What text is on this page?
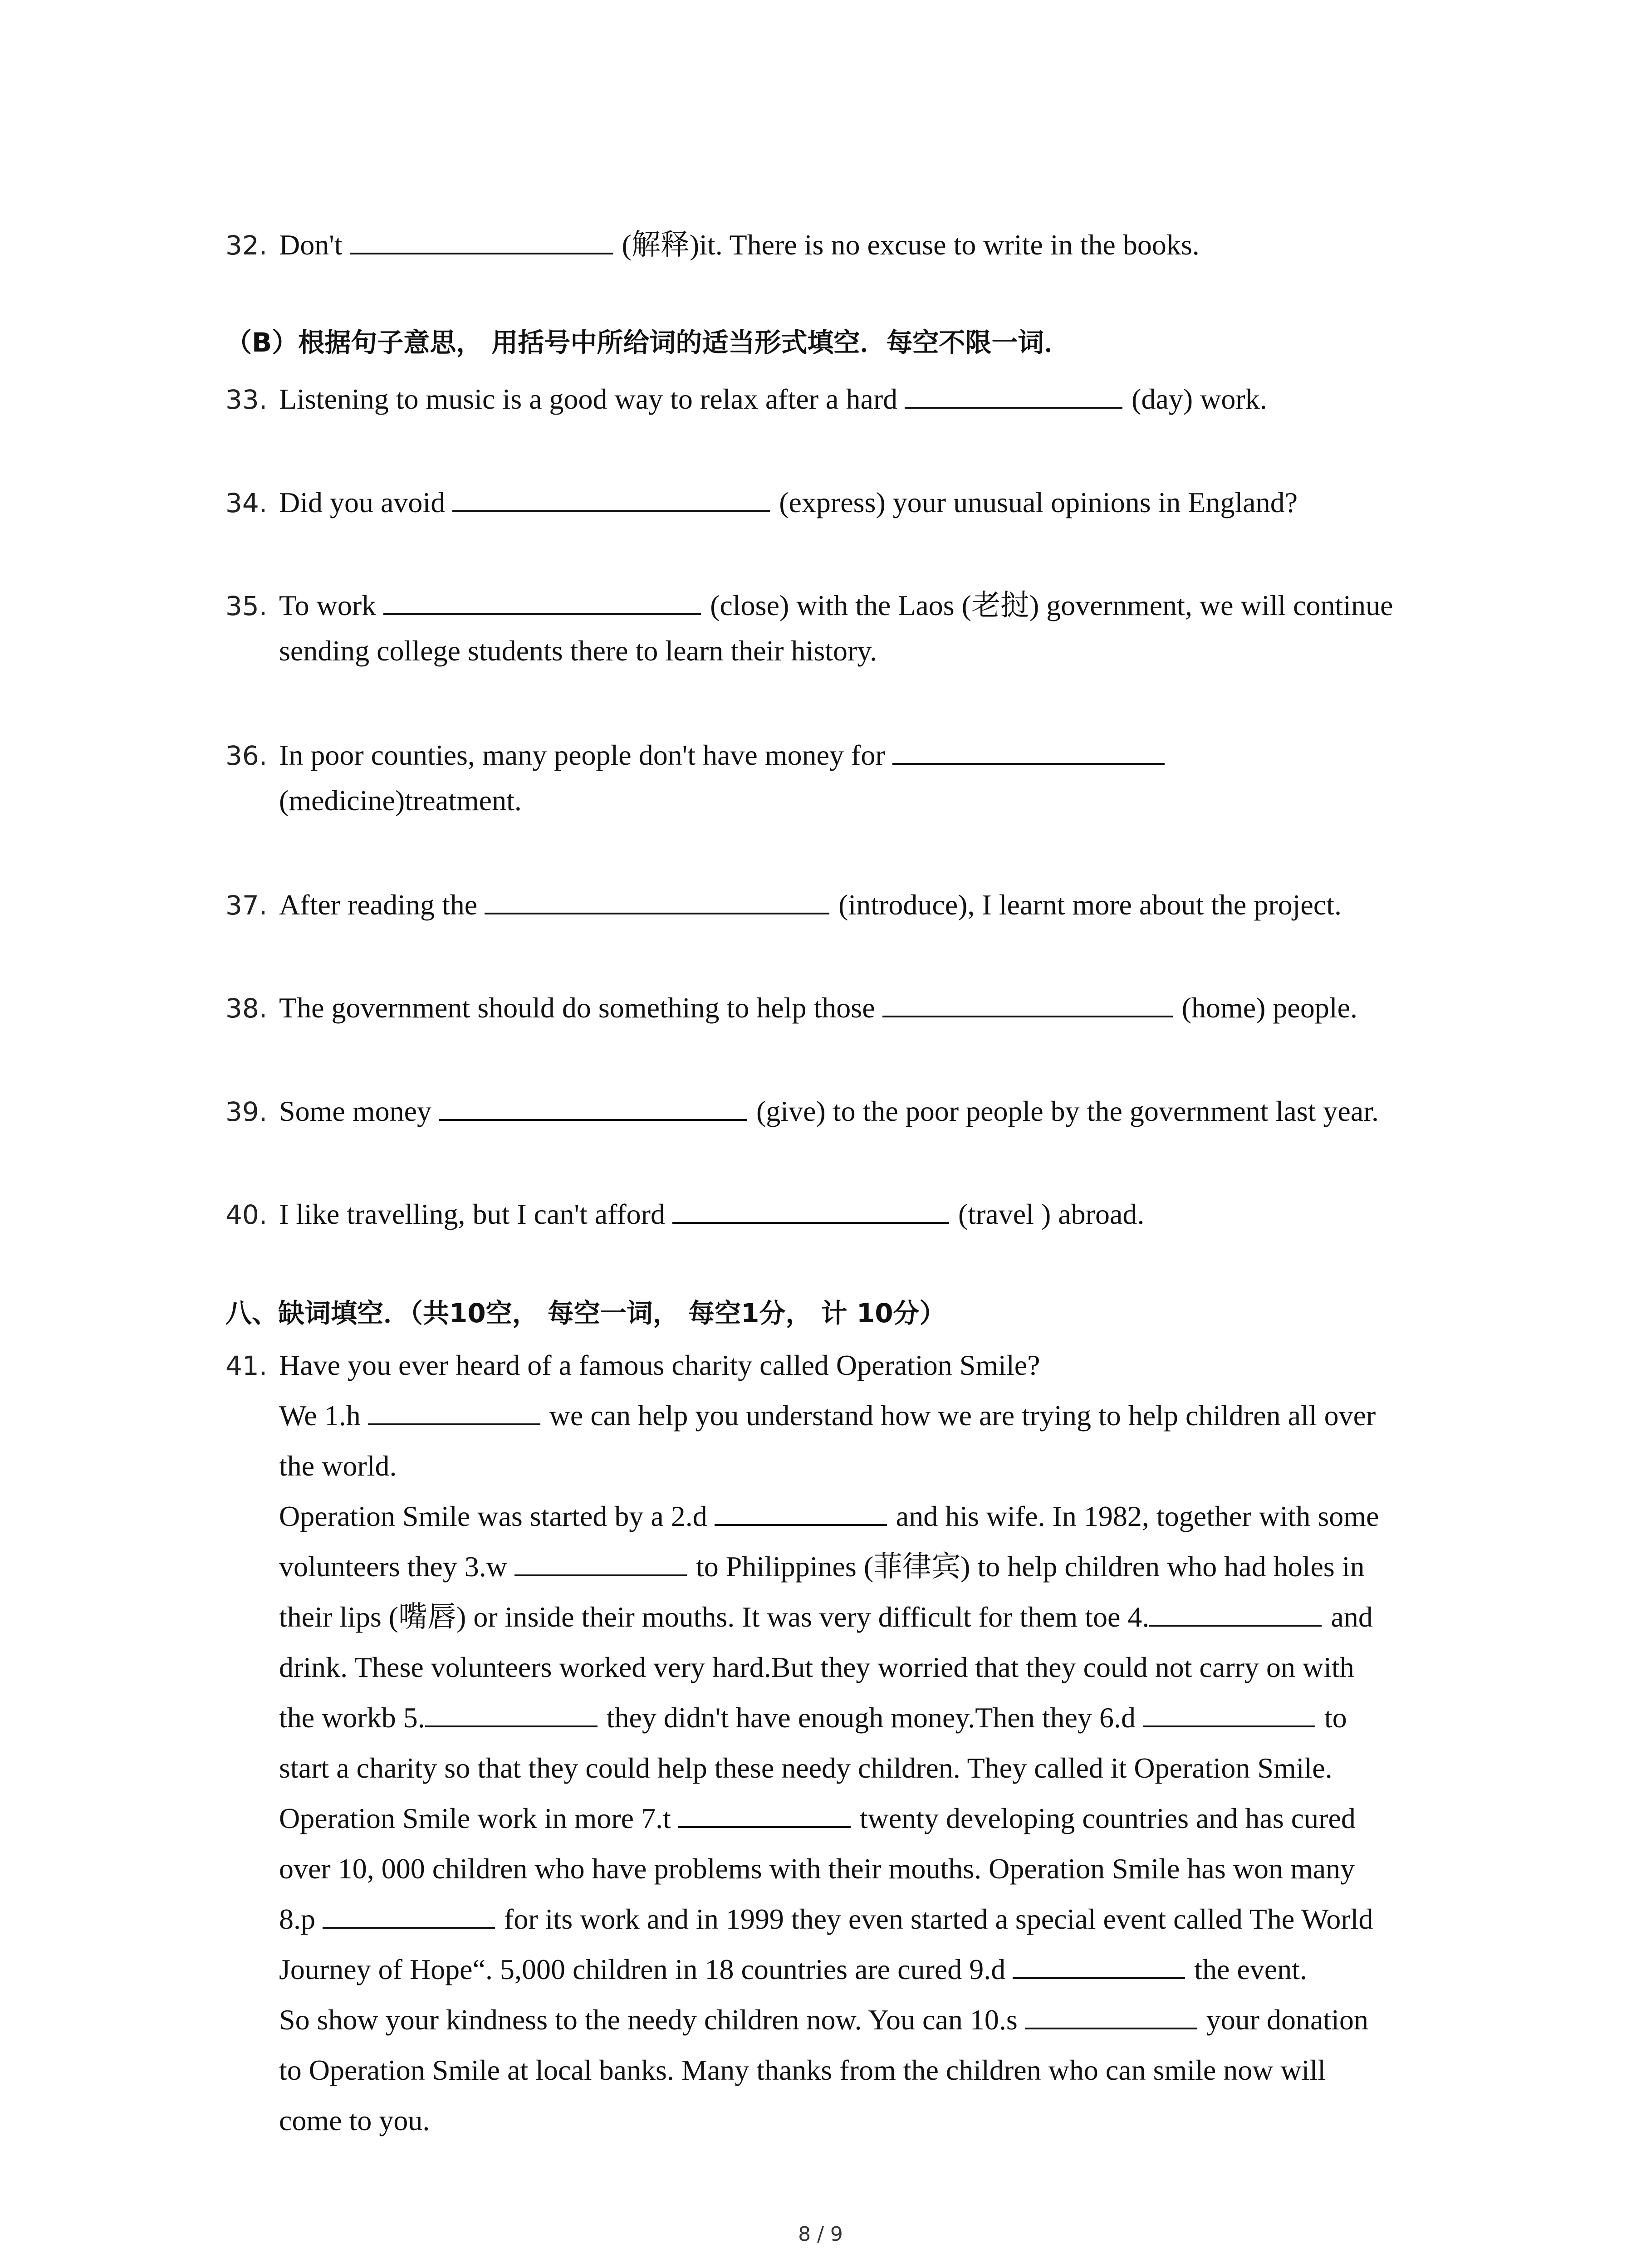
32. Don't	(解释)it. There is no excuse to write in the books.
（B）根据句子意思， 用括号中所给词的适当形式填空．每空不限一词．
33. Listening to music is a good way to relax after a hard	(day) work.
34. Did you avoid	(express) your unusual opinions in England?
35. To work	(close) with the Laos (老挝) government, we will continue
sending college students there to learn their history.
36. In poor counties, many people don't have money for
(medicine)treatment.
37. After reading the	(introduce), I learnt more about the project.
38. The government should do something to help those	(home) people.
39. Some money	(give) to the poor people by the government last year.
40. I like travelling, but I can't afford	(travel ) abroad.
八、缺词填空．（共10空， 每空一词， 每空1分， 计 10分）
41. Have you ever heard of a famous charity called Operation Smile?
We 1.h	we can help you understand how we are trying to help children all over
the world.
Operation Smile was started by a 2.d	and his wife. In 1982, together with some
volunteers they 3.w	to Philippines (菲律宾) to help children who had holes in
their lips (嘴唇) or inside their mouths. It was very difficult for them toe 4.	and
drink. These volunteers worked very hard.But they worried that they could not carry on with
the workb 5.	they didn't have enough money.Then they 6.d	to
start a charity so that they could help these needy children. They called it Operation Smile.
Operation Smile work in more 7.t	twenty developing countries and has cured
over 10, 000 children who have problems with their mouths. Operation Smile has won many
8.p	for its work and in 1999 they even started a special event called The World
Journey of Hope“. 5,000 children in 18 countries are cured 9.d	the event.
So show your kindness to the needy children now. You can 10.s	your donation
to Operation Smile at local banks. Many thanks from the children who can smile now will
come to you.
8 / 9
